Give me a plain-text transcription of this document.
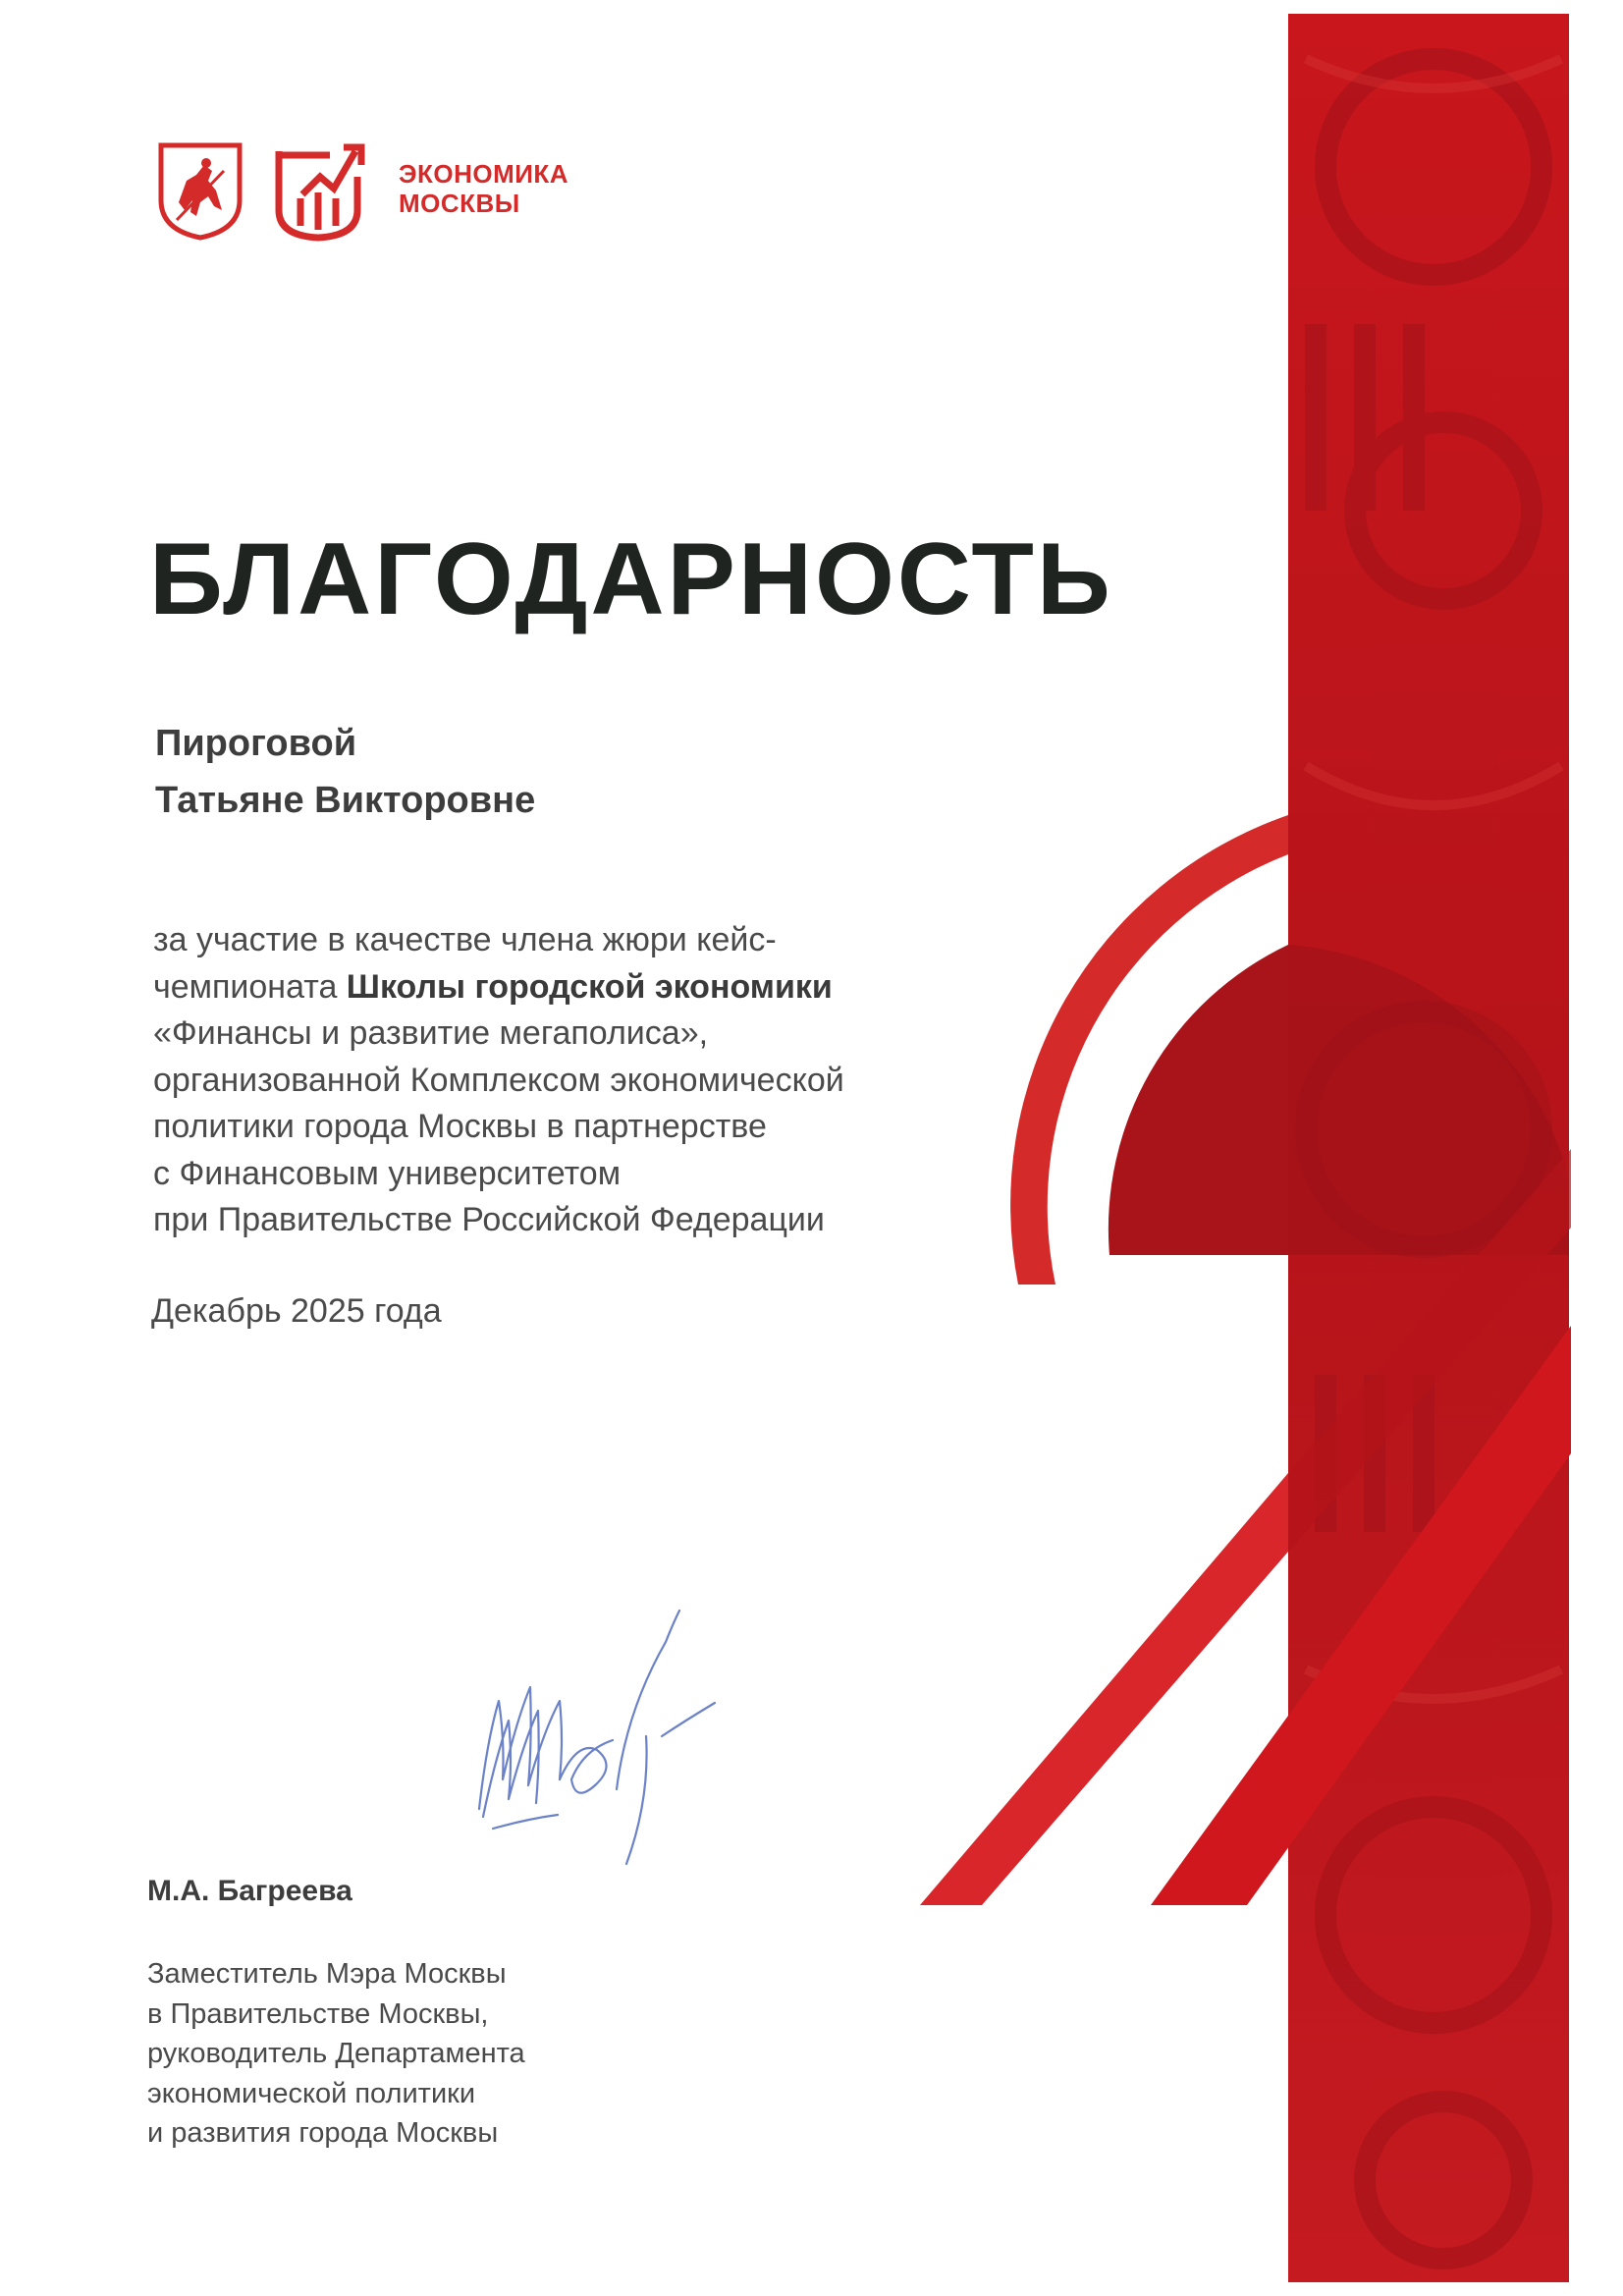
ЭКОНОМИКА
МОСКВЫ
БЛАГОДАРНОСТЬ
Пироговой
Татьяне Викторовне
за участие в качестве члена жюри кейс-
чемпионата Школы городской экономики
«Финансы и развитие мегаполиса»,
организованной Комплексом экономической
политики города Москвы в партнерстве
с Финансовым университетом
при Правительстве Российской Федерации
Декабрь 2025 года
М.А. Багреева
Заместитель Мэра Москвы
в Правительстве Москвы,
руководитель Департамента
экономической политики
и развития города Москвы
